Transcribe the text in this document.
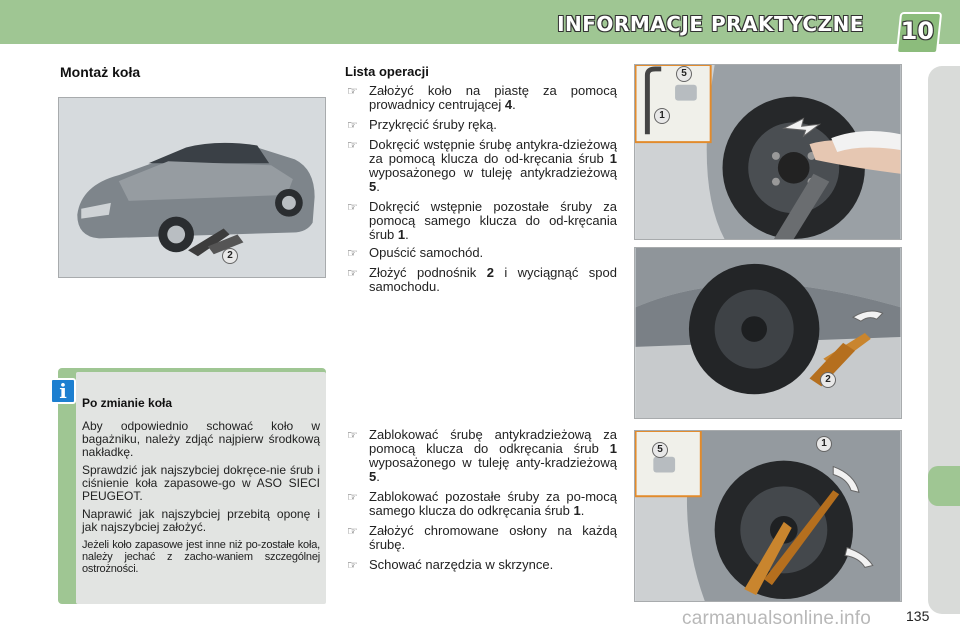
INFORMACJE PRAKTYCZNE 10
Montaż koła
2
Po zmianie koła

Aby odpowiednio schować koło w bagażniku, należy zdjąć najpierw środkową nakładkę.

Sprawdzić jak najszybciej dokręce-nie śrub i ciśnienie koła zapasowe-go w ASO SIECI PEUGEOT.

Naprawić jak najszybciej przebitą oponę i jak najszybciej założyć.

Jeżeli koło zapasowe jest inne niż po-zostałe koła, należy jechać z zacho-waniem szczególnej ostrożności.

i
Lista operacji
☞ Założyć koło na piastę za pomocą prowadnicy centrującej 4.
☞ Przykręcić śruby ręką.
☞ Dokręcić wstępnie śrubę antykra-dzieżową za pomocą klucza do od-kręcania śrub 1 wyposażonego w tuleję antykradzieżową 5.
☞ Dokręcić wstępnie pozostałe śruby za pomocą samego klucza do od-kręcania śrub 1.
☞ Opuścić samochód.
☞ Złożyć podnośnik 2 i wyciągnąć spod samochodu.
☞ Zablokować śrubę antykradzieżową za pomocą klucza do odkręcania śrub 1 wyposażonego w tuleję anty-kradzieżową 5.
☞ Zablokować pozostałe śruby za po-mocą samego klucza do odkręcania śrub 1.
☞ Założyć chromowane osłony na każdą śrubę.
☞ Schować narzędzia w skrzynce.
5
1
2
5
1
carmanualsonline.info 135
